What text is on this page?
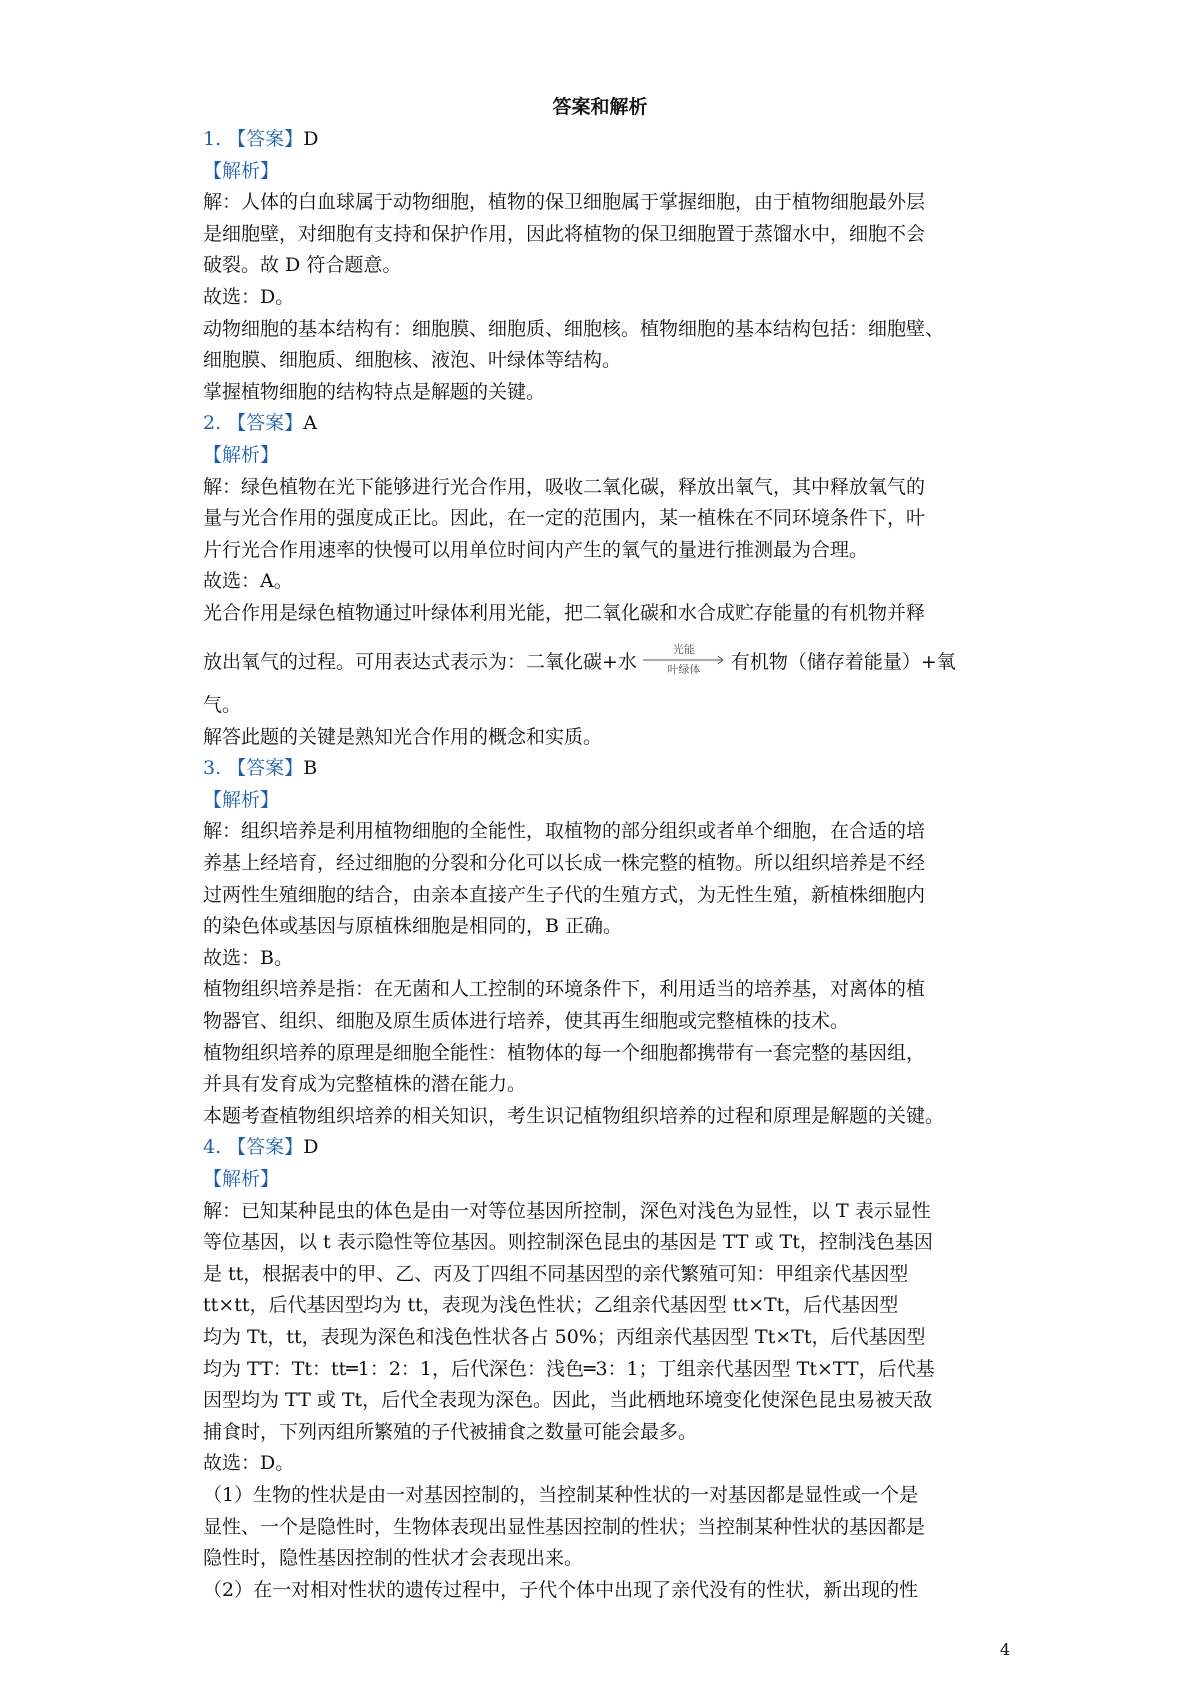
答案和解析
1. 【答案】D
【解析】
解：人体的白血球属于动物细胞，植物的保卫细胞属于掌握细胞，由于植物细胞最外层
是细胞壁，对细胞有支持和保护作用，因此将植物的保卫细胞置于蒸馏水中，细胞不会
破裂。故 D 符合题意。
故选：D。
动物细胞的基本结构有：细胞膜、细胞质、细胞核。植物细胞的基本结构包括：细胞壁、
细胞膜、细胞质、细胞核、液泡、叶绿体等结构。
掌握植物细胞的结构特点是解题的关键。
2. 【答案】A
【解析】
解：绿色植物在光下能够进行光合作用，吸收二氧化碳，释放出氧气，其中释放氧气的
量与光合作用的强度成正比。因此，在一定的范围内，某一植株在不同环境条件下，叶
片行光合作用速率的快慢可以用单位时间内产生的氧气的量进行推测最为合理。
故选：A。
光合作用是绿色植物通过叶绿体利用光能，把二氧化碳和水合成贮存能量的有机物并释
放出氧气的过程。可用表达式表示为：二氧化碳+水
光能
叶绿体	有机物（储存着能量）+氧
气。
解答此题的关键是熟知光合作用的概念和实质。
3. 【答案】B
【解析】
解：组织培养是利用植物细胞的全能性，取植物的部分组织或者单个细胞，在合适的培
养基上经培育，经过细胞的分裂和分化可以长成一株完整的植物。所以组织培养是不经
过两性生殖细胞的结合，由亲本直接产生子代的生殖方式，为无性生殖，新植株细胞内
的染色体或基因与原植株细胞是相同的，B 正确。
故选：B。
植物组织培养是指：在无菌和人工控制的环境条件下，利用适当的培养基，对离体的植
物器官、组织、细胞及原生质体进行培养，使其再生细胞或完整植株的技术。
植物组织培养的原理是细胞全能性：植物体的每一个细胞都携带有一套完整的基因组，
并具有发育成为完整植株的潜在能力。
本题考查植物组织培养的相关知识，考生识记植物组织培养的过程和原理是解题的关键。
4. 【答案】D
【解析】
解：已知某种昆虫的体色是由一对等位基因所控制，深色对浅色为显性，以 T 表示显性
等位基因，以 t 表示隐性等位基因。则控制深色昆虫的基因是 TT 或 Tt，控制浅色基因
是 tt，根据表中的甲、乙、丙及丁四组不同基因型的亲代繁殖可知：甲组亲代基因型
tt×tt，后代基因型均为 tt，表现为浅色性状；乙组亲代基因型 tt×Tt，后代基因型
均为 Tt，tt，表现为深色和浅色性状各占 50%；丙组亲代基因型 Tt×Tt，后代基因型
均为 TT：Tt：tt═1：2：1，后代深色：浅色═3：1；丁组亲代基因型 Tt×TT，后代基
因型均为 TT 或 Tt，后代全表现为深色。因此，当此栖地环境变化使深色昆虫易被天敌
捕食时，下列丙组所繁殖的子代被捕食之数量可能会最多。
故选：D。
（1）生物的性状是由一对基因控制的，当控制某种性状的一对基因都是显性或一个是
显性、一个是隐性时，生物体表现出显性基因控制的性状；当控制某种性状的基因都是
隐性时，隐性基因控制的性状才会表现出来。
（2）在一对相对性状的遗传过程中，子代个体中出现了亲代没有的性状，新出现的性
4
